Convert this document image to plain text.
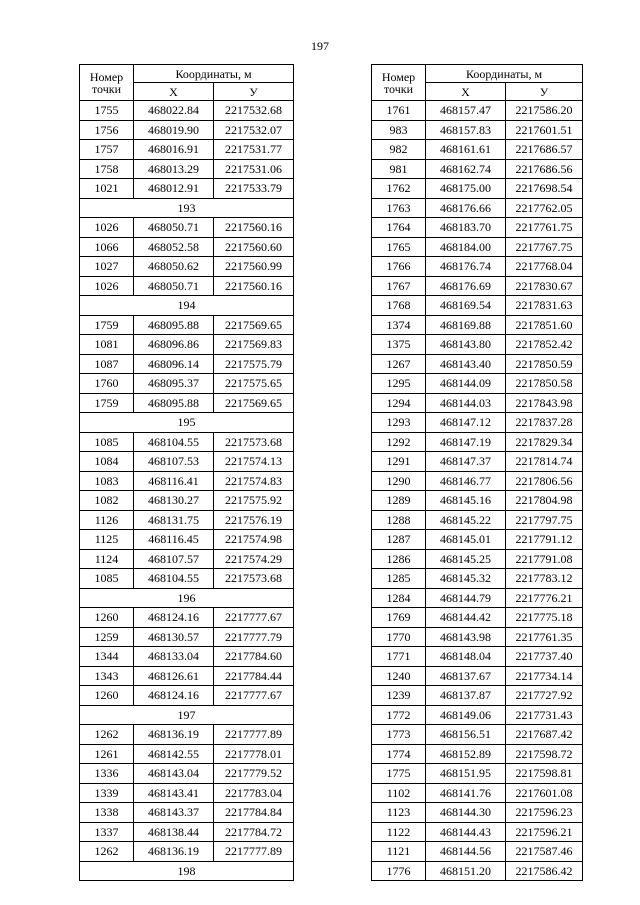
197
Номер
точки	Координаты, м	
	X	У
1755	468022.84	2217532.68
1756	468019.90	2217532.07
1757	468016.91	2217531.77
1758	468013.29	2217531.06
1021	468012.91	2217533.79
193		
1026	468050.71	2217560.16
1066	468052.58	2217560.60
1027	468050.62	2217560.99
1026	468050.71	2217560.16
194		
1759	468095.88	2217569.65
1081	468096.86	2217569.83
1087	468096.14	2217575.79
1760	468095.37	2217575.65
1759	468095.88	2217569.65
195		
1085	468104.55	2217573.68
1084	468107.53	2217574.13
1083	468116.41	2217574.83
1082	468130.27	2217575.92
1126	468131.75	2217576.19
1125	468116.45	2217574.98
1124	468107.57	2217574.29
1085	468104.55	2217573.68
196		
1260	468124.16	2217777.67
1259	468130.57	2217777.79
1344	468133.04	2217784.60
1343	468126.61	2217784.44
1260	468124.16	2217777.67
197		
1262	468136.19	2217777.89
1261	468142.55	2217778.01
1336	468143.04	2217779.52
1339	468143.41	2217783.04
1338	468143.37	2217784.84
1337	468138.44	2217784.72
1262	468136.19	2217777.89
198		
Номер
точки	Координаты, м	
	X	У
1761	468157.47	2217586.20
983	468157.83	2217601.51
982	468161.61	2217686.57
981	468162.74	2217686.56
1762	468175.00	2217698.54
1763	468176.66	2217762.05
1764	468183.70	2217761.75
1765	468184.00	2217767.75
1766	468176.74	2217768.04
1767	468176.69	2217830.67
1768	468169.54	2217831.63
1374	468169.88	2217851.60
1375	468143.80	2217852.42
1267	468143.40	2217850.59
1295	468144.09	2217850.58
1294	468144.03	2217843.98
1293	468147.12	2217837.28
1292	468147.19	2217829.34
1291	468147.37	2217814.74
1290	468146.77	2217806.56
1289	468145.16	2217804.98
1288	468145.22	2217797.75
1287	468145.01	2217791.12
1286	468145.25	2217791.08
1285	468145.32	2217783.12
1284	468144.79	2217776.21
1769	468144.42	2217775.18
1770	468143.98	2217761.35
1771	468148.04	2217737.40
1240	468137.67	2217734.14
1239	468137.87	2217727.92
1772	468149.06	2217731.43
1773	468156.51	2217687.42
1774	468152.89	2217598.72
1775	468151.95	2217598.81
1102	468141.76	2217601.08
1123	468144.30	2217596.23
1122	468144.43	2217596.21
1121	468144.56	2217587.46
1776	468151.20	2217586.42
